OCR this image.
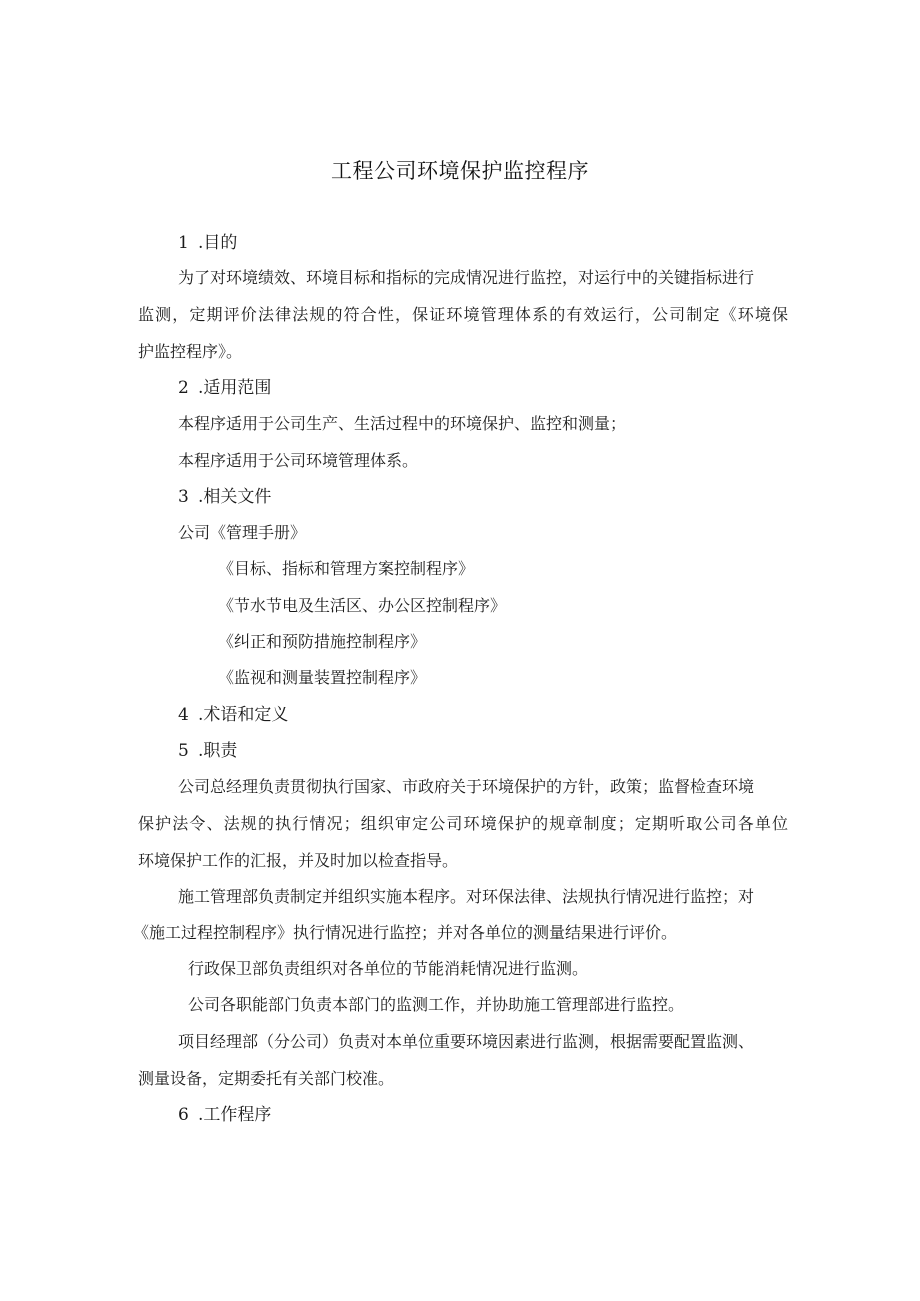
工程公司环境保护监控程序
1 .目的
为了对环境绩效、环境目标和指标的完成情况进行监控，对运行中的关键指标进行
监测，定期评价法律法规的符合性，保证环境管理体系的有效运行，公司制定《环境保
护监控程序》。
2 .适用范围
本程序适用于公司生产、生活过程中的环境保护、监控和测量；
本程序适用于公司环境管理体系。
3 .相关文件
公司《管理手册》
《目标、指标和管理方案控制程序》
《节水节电及生活区、办公区控制程序》
《纠正和预防措施控制程序》
《监视和测量装置控制程序》
4 .术语和定义
5 .职责
公司总经理负责贯彻执行国家、市政府关于环境保护的方针，政策；监督检查环境
保护法令、法规的执行情况；组织审定公司环境保护的规章制度；定期听取公司各单位
环境保护工作的汇报，并及时加以检查指导。
施工管理部负责制定并组织实施本程序。对环保法律、法规执行情况进行监控；对
《施工过程控制程序》执行情况进行监控；并对各单位的测量结果进行评价。
行政保卫部负责组织对各单位的节能消耗情况进行监测。
公司各职能部门负责本部门的监测工作，并协助施工管理部进行监控。
项目经理部（分公司）负责对本单位重要环境因素进行监测，根据需要配置监测、
测量设备，定期委托有关部门校准。
6 .工作程序
